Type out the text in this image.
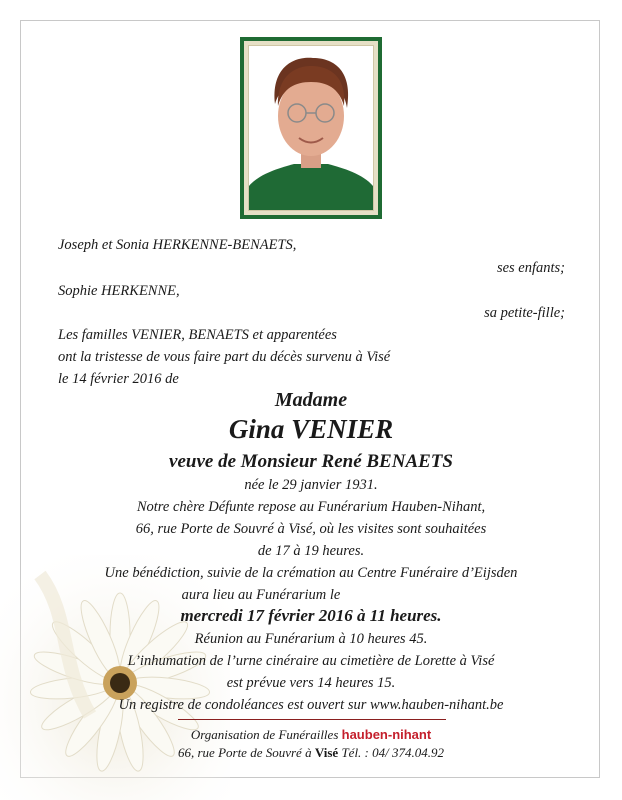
Joseph et Sonia HERKENNE-BENAETS,
ses enfants;
Sophie HERKENNE,
sa petite-fille;
Les familles VENIER, BENAETS et apparentées
ont la tristesse de vous faire part du décès survenu à Visé
le 14 février 2016 de
Madame
Gina VENIER
veuve de Monsieur René BENAETS
née le 29 janvier 1931.
Notre chère Défunte repose au Funérarium Hauben-Nihant,
66, rue Porte de Souvré à Visé, où les visites sont souhaitées
de 17 à 19 heures.
Une bénédiction, suivie de la crémation au Centre Funéraire d’Eijsden
aura lieu au Funérarium le
mercredi 17 février 2016 à 11 heures.
Réunion au Funérarium à 10 heures 45.
L’inhumation de l’urne cinéraire au cimetière de Lorette à Visé
est prévue vers 14 heures 15.
Un registre de condoléances est ouvert sur www.hauben-nihant.be
Organisation de Funérailles hauben-nihant
66, rue Porte de Souvré à Visé Tél. : 04/ 374.04.92
